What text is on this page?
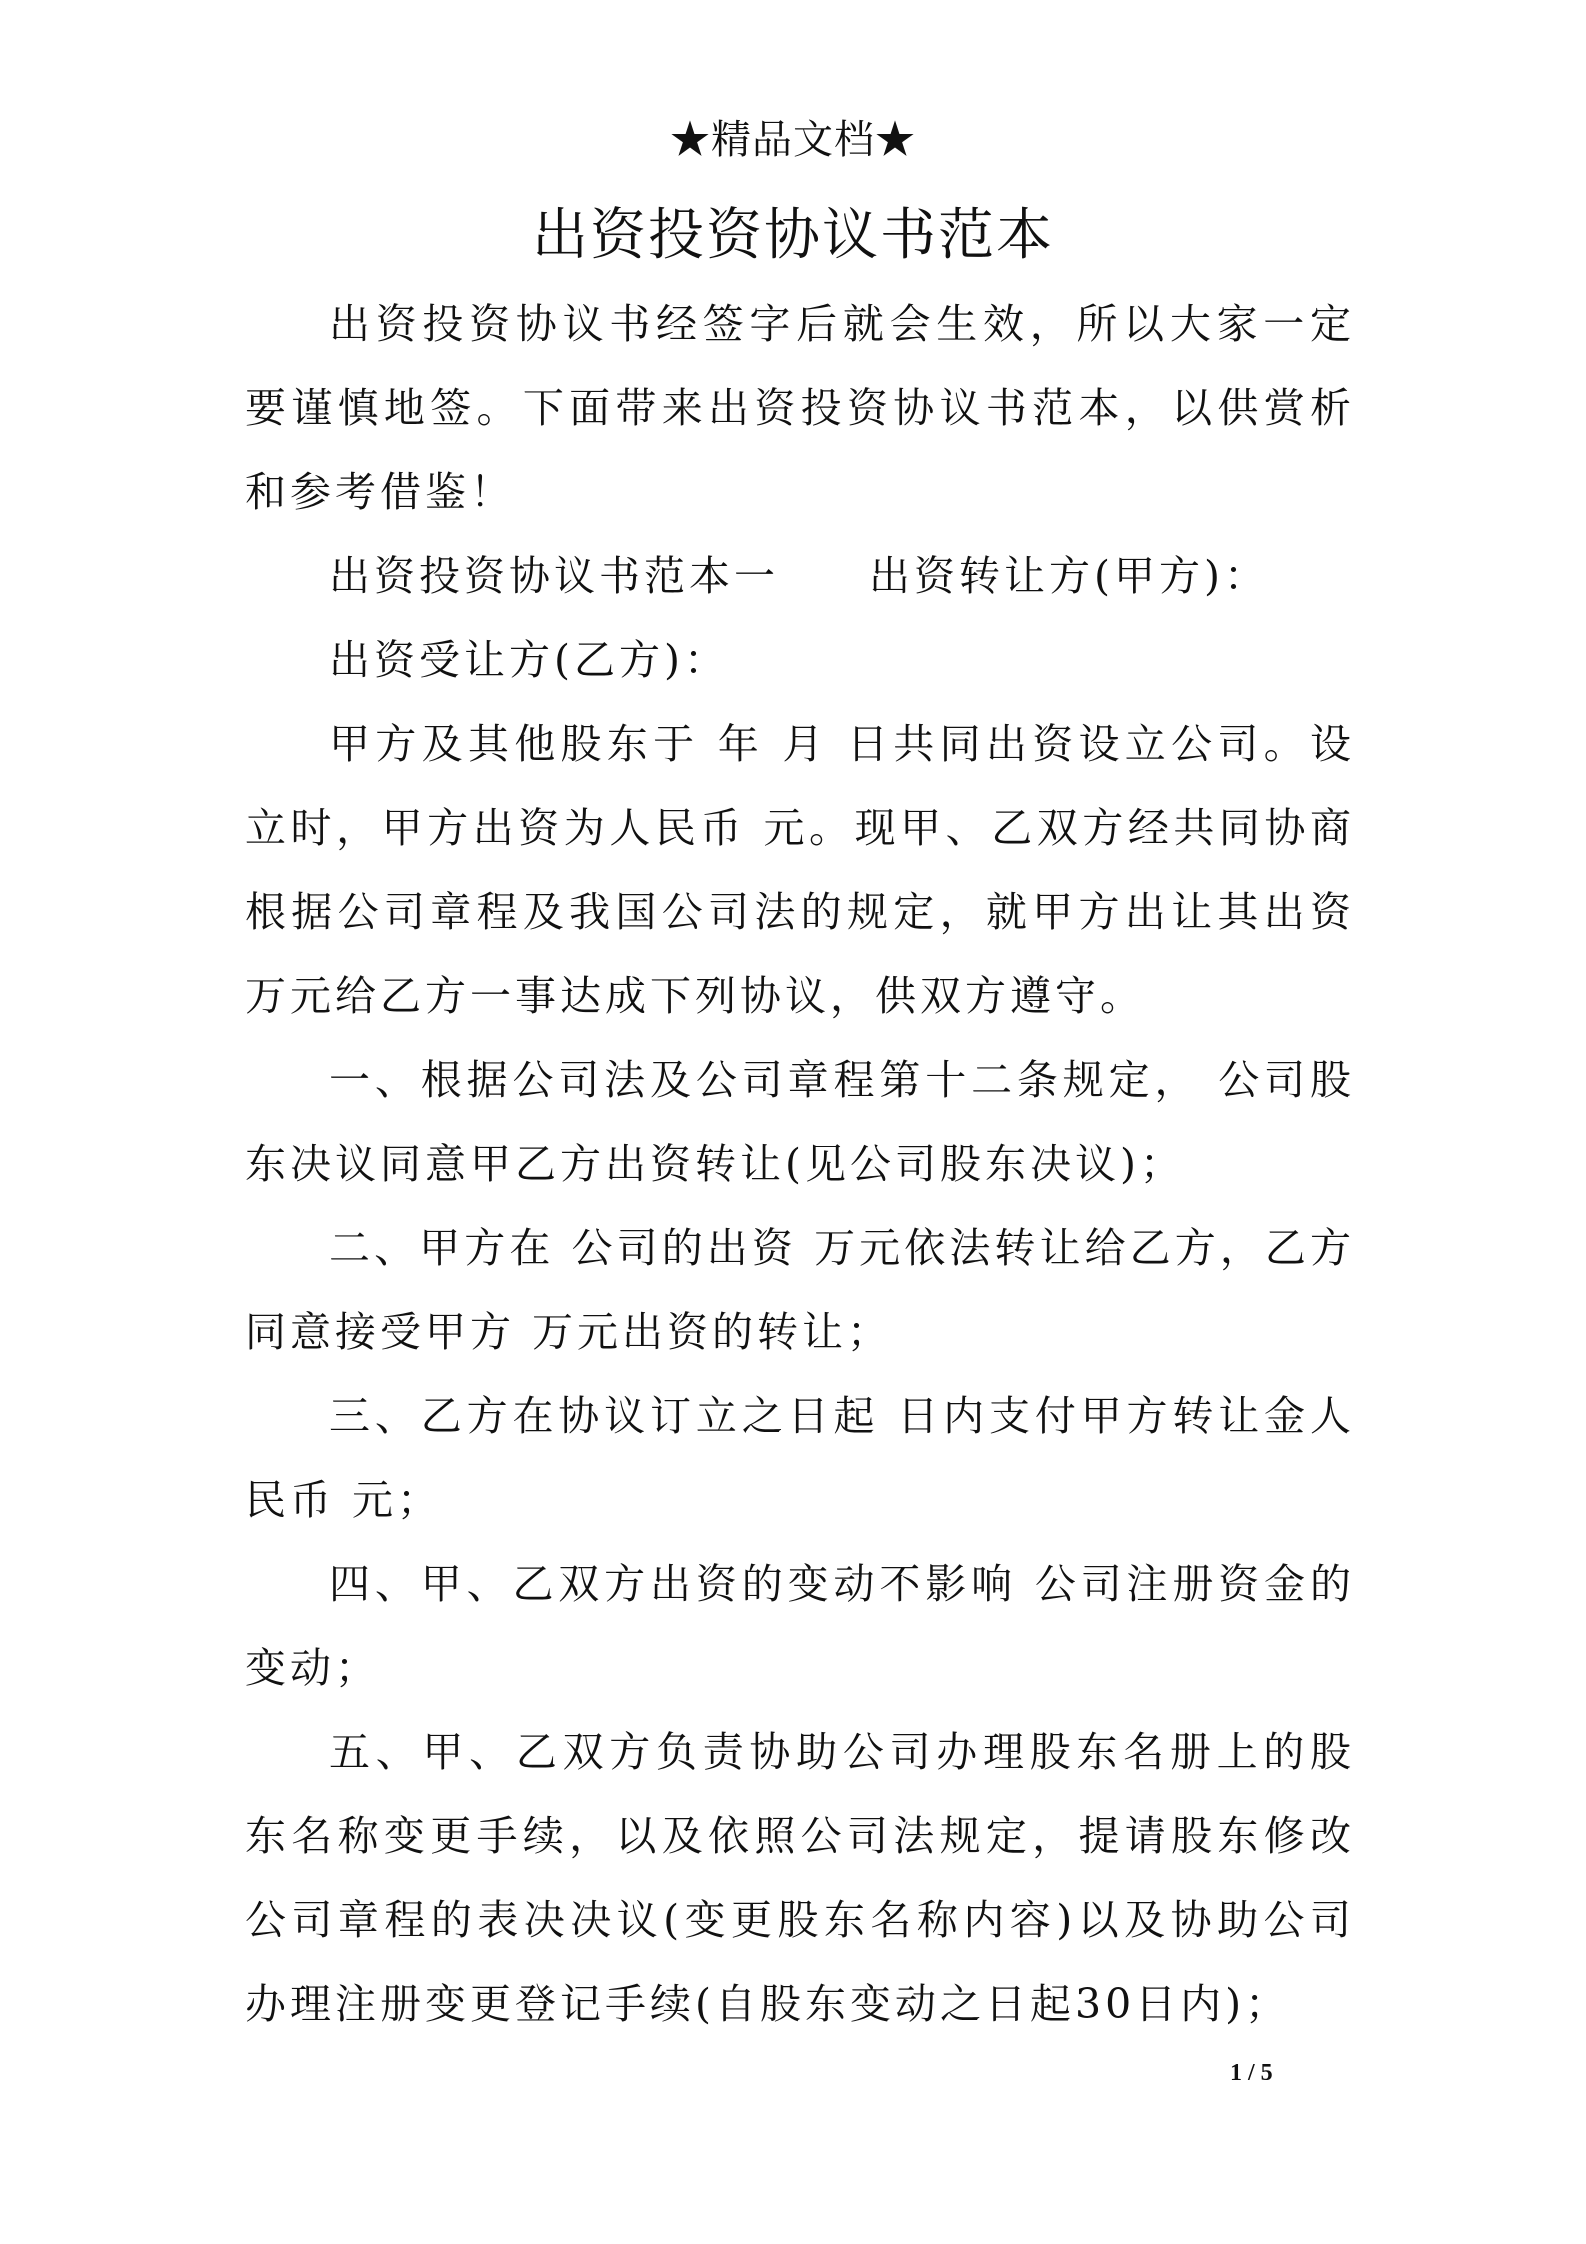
★精品文档★
出资投资协议书范本

出资投资协议书经签字后就会生效，所以大家一定要谨慎地签。下面带来出资投资协议书范本，以供赏析和参考借鉴！

出资投资协议书范本一　　出资转让方(甲方)：

出资受让方(乙方)：

甲方及其他股东于 年 月 日共同出资设立公司。设立时，甲方出资为人民币 元。现甲、乙双方经共同协商根据公司章程及我国公司法的规定，就甲方出让其出资 万元给乙方一事达成下列协议，供双方遵守。

一、根据公司法及公司章程第十二条规定， 公司股东决议同意甲乙方出资转让(见公司股东决议)；

二、甲方在 公司的出资 万元依法转让给乙方，乙方同意接受甲方 万元出资的转让；

三、乙方在协议订立之日起 日内支付甲方转让金人民币 元；

四、甲、乙双方出资的变动不影响 公司注册资金的变动；

五、甲、乙双方负责协助公司办理股东名册上的股东名称变更手续，以及依照公司法规定，提请股东修改公司章程的表决决议(变更股东名称内容)以及协助公司办理注册变更登记手续(自股东变动之日起30日内)；

1 / 5
